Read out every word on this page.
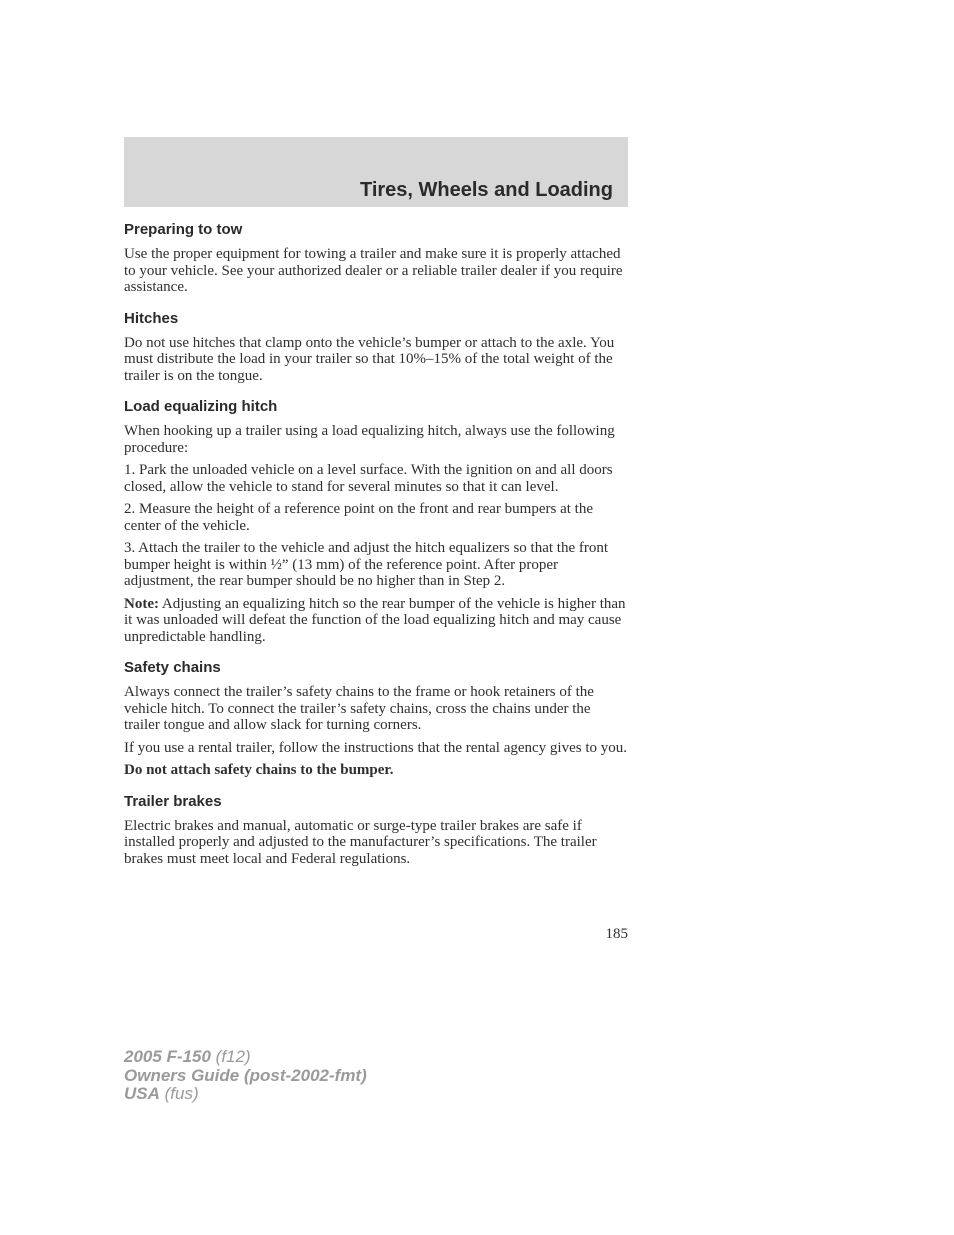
Tires, Wheels and Loading
Preparing to tow

Use the proper equipment for towing a trailer and make sure it is properly attached to your vehicle. See your authorized dealer or a reliable trailer dealer if you require assistance.

Hitches

Do not use hitches that clamp onto the vehicle’s bumper or attach to the axle. You must distribute the load in your trailer so that 10%–15% of the total weight of the trailer is on the tongue.

Load equalizing hitch

When hooking up a trailer using a load equalizing hitch, always use the following procedure:

1. Park the unloaded vehicle on a level surface. With the ignition on and all doors closed, allow the vehicle to stand for several minutes so that it can level.

2. Measure the height of a reference point on the front and rear bumpers at the center of the vehicle.

3. Attach the trailer to the vehicle and adjust the hitch equalizers so that the front bumper height is within ½” (13 mm) of the reference point. After proper adjustment, the rear bumper should be no higher than in Step 2.

Note: Adjusting an equalizing hitch so the rear bumper of the vehicle is higher than it was unloaded will defeat the function of the load equalizing hitch and may cause unpredictable handling.

Safety chains

Always connect the trailer’s safety chains to the frame or hook retainers of the vehicle hitch. To connect the trailer’s safety chains, cross the chains under the trailer tongue and allow slack for turning corners.

If you use a rental trailer, follow the instructions that the rental agency gives to you.

Do not attach safety chains to the bumper.

Trailer brakes

Electric brakes and manual, automatic or surge-type trailer brakes are safe if installed properly and adjusted to the manufacturer’s specifications. The trailer brakes must meet local and Federal regulations.

185
2005 F-150 (f12)
Owners Guide (post-2002-fmt)
USA (fus)
